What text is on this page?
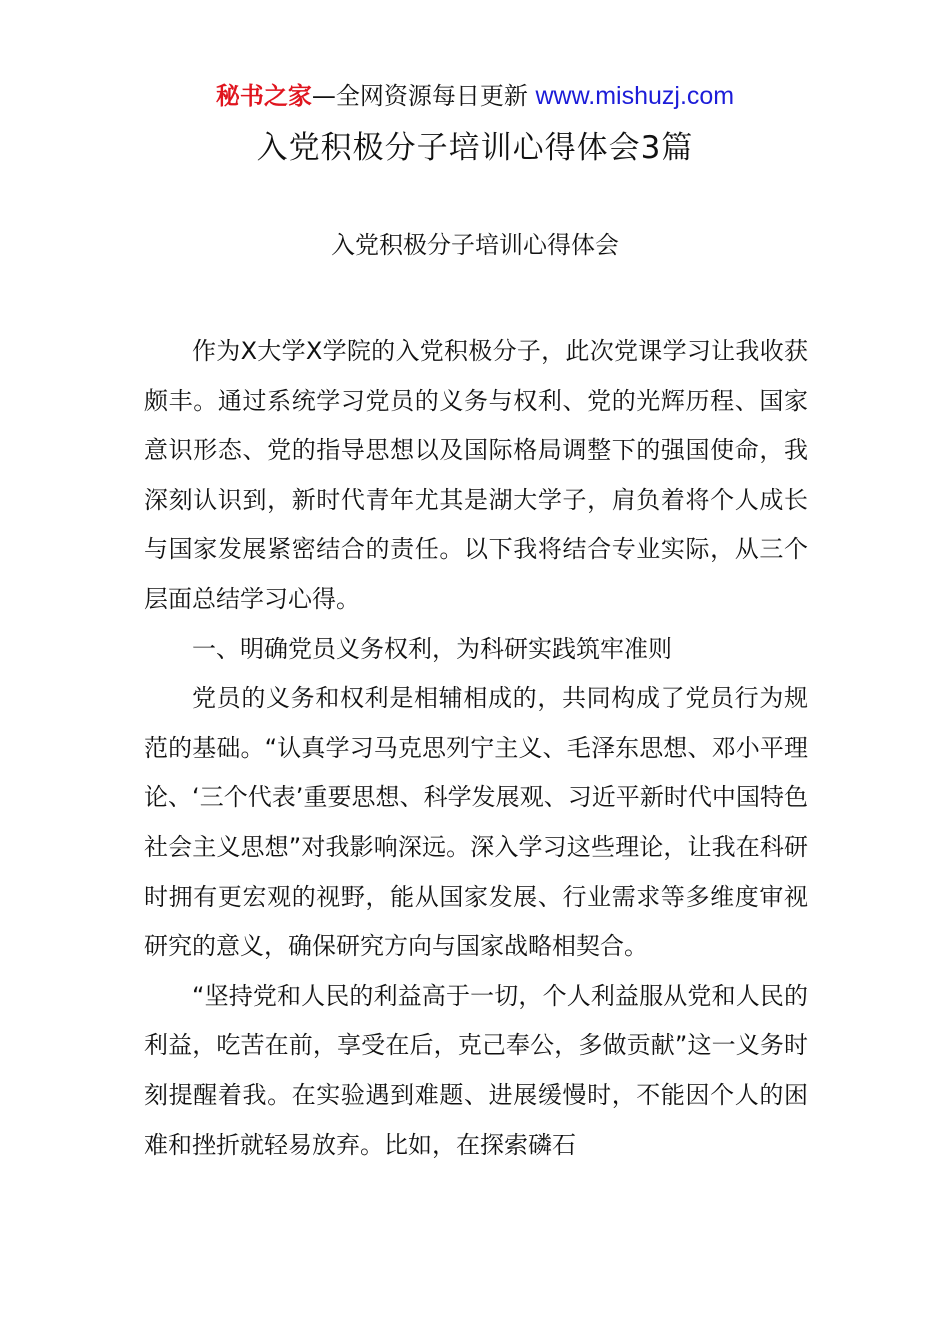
秘书之家—全网资源每日更新 www.mishuzj.com
入党积极分子培训心得体会3篇
入党积极分子培训心得体会

作为X大学X学院的入党积极分子，此次党课学习让我收获颇丰。通过系统学习党员的义务与权利、党的光辉历程、国家意识形态、党的指导思想以及国际格局调整下的强国使命，我深刻认识到，新时代青年尤其是湖大学子，肩负着将个人成长与国家发展紧密结合的责任。以下我将结合专业实际，从三个层面总结学习心得。

一、明确党员义务权利，为科研实践筑牢准则

党员的义务和权利是相辅相成的，共同构成了党员行为规范的基础。“认真学习马克思列宁主义、毛泽东思想、邓小平理论、‘三个代表’重要思想、科学发展观、习近平新时代中国特色社会主义思想”对我影响深远。深入学习这些理论，让我在科研时拥有更宏观的视野，能从国家发展、行业需求等多维度审视研究的意义，确保研究方向与国家战略相契合。

“坚持党和人民的利益高于一切，个人利益服从党和人民的利益，吃苦在前，享受在后，克己奉公，多做贡献”这一义务时刻提醒着我。在实验遇到难题、进展缓慢时，不能因个人的困难和挫折就轻易放弃。比如，在探索磷石
